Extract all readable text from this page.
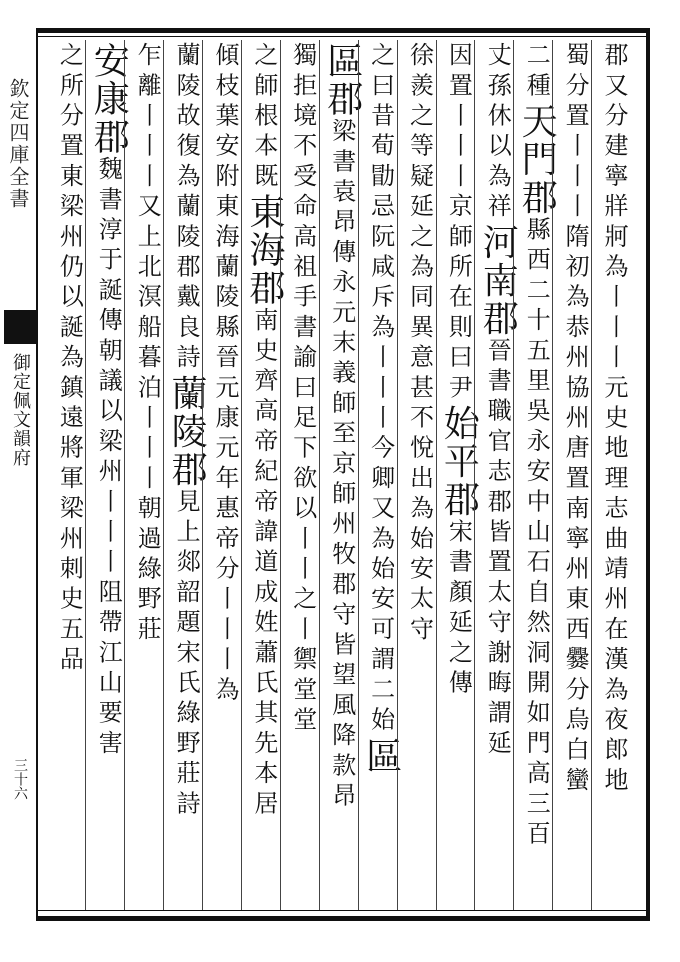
欽定四庫全書
御定佩文韻府
三十六	郡又分建寧牂牁為丨丨丨元史地理志曲靖州在漢為夜郎地
蜀分置丨丨丨隋初為恭州協州唐置南寧州東西爨分烏白蠻
二種天門郡縣西二十五里吳永安中山石自然洞開如門高三百
丈孫休以為祥河南郡晉書職官志郡皆置太守謝晦謂延
因置丨丨丨京師所在則曰尹始平郡宋書顏延之傳
徐羨之等疑延之為同異意甚不悅出為始安太守
之曰昔荀勖忌阮咸斥為丨丨丨今卿又為始安可謂二始區
區郡梁書袁昂傳永元末義師至京師州牧郡守皆望風降款昂
獨拒境不受命高祖手書諭曰足下欲以丨丨之丨禦堂堂
之師根本既東海郡南史齊高帝紀帝諱道成姓蕭氏其先本居
傾枝葉安附東海蘭陵縣晉元康元年惠帝分丨丨丨為
蘭陵故復為蘭陵郡戴良詩蘭陵郡見上郯韶題宋氏綠野莊詩
乍離丨丨丨又上北溟船暮泊丨丨丨朝過綠野莊
安康郡魏書淳于誕傳朝議以梁州丨丨丨阻帶江山要害
之所分置東梁州仍以誕為鎮遠將軍梁州刺史五品
